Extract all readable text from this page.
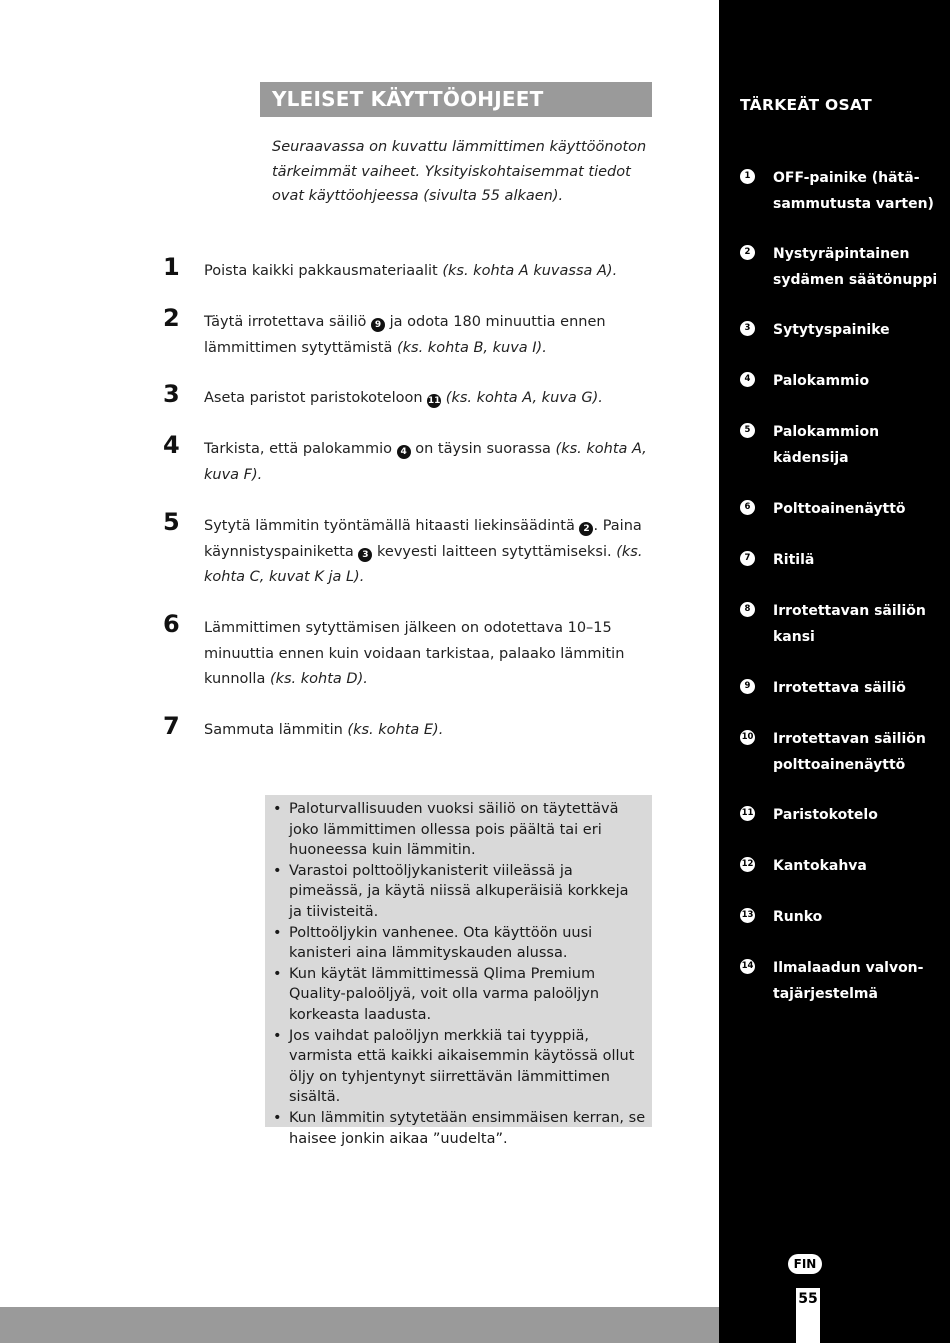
YLEISET KÄYTTÖOHJEET

Seuraavassa on kuvattu lämmittimen käyttöönoton tärkeimmät vaiheet. Yksityiskohtaisemmat tiedot ovat käyttöohjeessa (sivulta 55 alkaen).

1	Poista kaikki pakkausmateriaalit (ks. kohta A kuvassa A).
2	Täytä irrotettava säiliö 9 ja odota 180 minuuttia ennen lämmittimen sytyttämistä (ks. kohta B, kuva I).
3	Aseta paristot paristokoteloon 11 (ks. kohta A, kuva G).
4	Tarkista, että palokammio 4 on täysin suorassa (ks. kohta A, kuva F).
5	Sytytä lämmitin työntämällä hitaasti liekinsäädintä 2 . Paina käynnistyspainiketta 3 kevyesti laitteen sytyttämiseksi. (ks. kohta C, kuvat K ja L).
6	Lämmittimen sytyttämisen jälkeen on odotettava 10–15 minuuttia ennen kuin voidaan tarkistaa, palaako lämmitin kunnolla (ks. kohta D).
7	Sammuta lämmitin (ks. kohta E).
• Paloturvallisuuden vuoksi säiliö on täytettävä joko lämmittimen ollessa pois päältä tai eri huoneessa kuin lämmitin.
• Varastoi polttoöljykanisterit viileässä ja pimeässä, ja käytä niissä alkuperäisiä korkkeja ja tiivisteitä.
• Polttoöljykin vanhenee. Ota käyttöön uusi kanisteri aina lämmityskauden alussa.
• Kun käytät lämmittimessä Qlima Premium Quality-paloöljyä, voit olla varma paloöljyn korkeasta laadusta.
• Jos vaihdat paloöljyn merkkiä tai tyyppiä, varmista että kaikki aikaisemmin käytössä ollut öljy on tyhjentynyt siirrettävän lämmittimen sisältä.
• Kun lämmitin sytytetään ensimmäisen kerran, se haisee jonkin aikaa ”uudelta”.
TÄRKEÄT OSAT
1	OFF-painike (hätä-sammutusta varten)
2	Nystyräpintainen sydämen säätönuppi
3	Sytytyspainike
4	Palokammio
5	Palokammion kädensija
6	Polttoainenäyttö
7	Ritilä
8	Irrotettavan säiliön kansi
9	Irrotettava säiliö
10 Irrotettavan säiliön polttoainenäyttö
11 Paristokotelo
12 Kantokahva
13 Runko
14 Ilmalaadun valvon-tajärjestelmä
FIN
55
